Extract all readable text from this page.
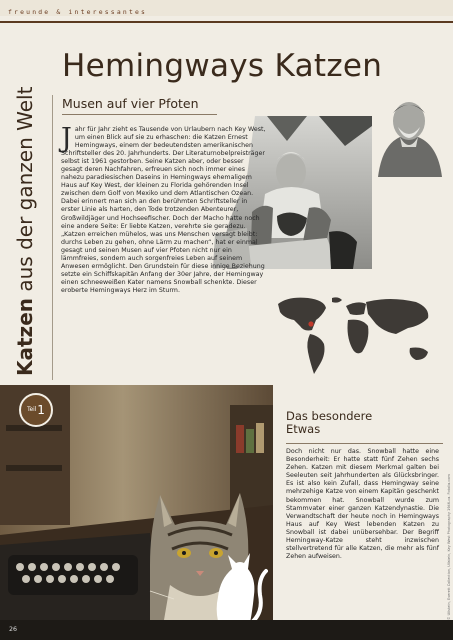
freunde & interessantes
Hemingways Katzen
Musen auf vier Pfoten
Katzen aus der ganzen Welt Jahr für Jahr zieht es Tausende von Urlaubern nach Key West, um einen Blick auf sie zu erhaschen: die Katzen Ernest Hemingways, einem der bedeutendsten amerikanischen Schriftsteller des 20. Jahrhunderts. Der Literaturnobelpreisträger selbst ist 1961 gestorben. Seine Katzen aber, oder besser gesagt deren Nachfahren, erfreuen sich noch immer eines nahezu paradiesischen Daseins in Hemingways ehemaligem Haus auf Key West, der kleinen zu Florida gehörenden Insel zwischen dem Golf von Mexiko und dem Atlantischen Ozean. Dabei erinnert man sich an den berühmten Schriftsteller in erster Linie als harten, den Tode trotzenden Abenteurer, Großwildjäger und Hochseefischer. Doch der Macho hatte noch eine andere Seite: Er liebte Katzen, verehrte sie geradezu. „Katzen erreichen mühelos, was uns Menschen versagt bleibt: durchs Leben zu gehen, ohne Lärm zu machen“, hat er einmal gesagt und seinen Musen auf vier Pfoten nicht nur ein lämmfreies, sondern auch sorgenfreies Leben auf seinem Anwesen ermöglicht. Den Grundstein für diese innige Beziehung setzte ein Schiffskapitän Anfang der 30er Jahre, der Hemingway einen schneeweißen Kater namens Snowball schenkte. Dieser eroberte Hemingways Herz im Sturm.

Teil 1	Das besondere
Etwas

Doch nicht nur das. Snowball hatte eine Besonderheit: Er hatte statt fünf Zehen sechs Zehen. Katzen mit diesem Merkmal galten bei Seeleuten seit Jahrhunderten als Glücksbringer. Es ist also kein Zufall, dass Hemingway seine mehrzehige Katze von einem Kapitän geschenkt bekommen hat. Snowball wurde zum Stammvater einer ganzen Katzendynastie. Die Verwandtschaft der heute noch in Hemingways Haus auf Key West lebenden Katzen zu Snowball ist dabei unübersehbar. Der Begriff Hemingway-Katze steht inzwischen stellvertretend für alle Katzen, die mehr als fünf Zehen aufweisen.	© Ullstein, Everett Collection, Ullstein, Key West Photography 1946-ca. Fotolia.com
26
